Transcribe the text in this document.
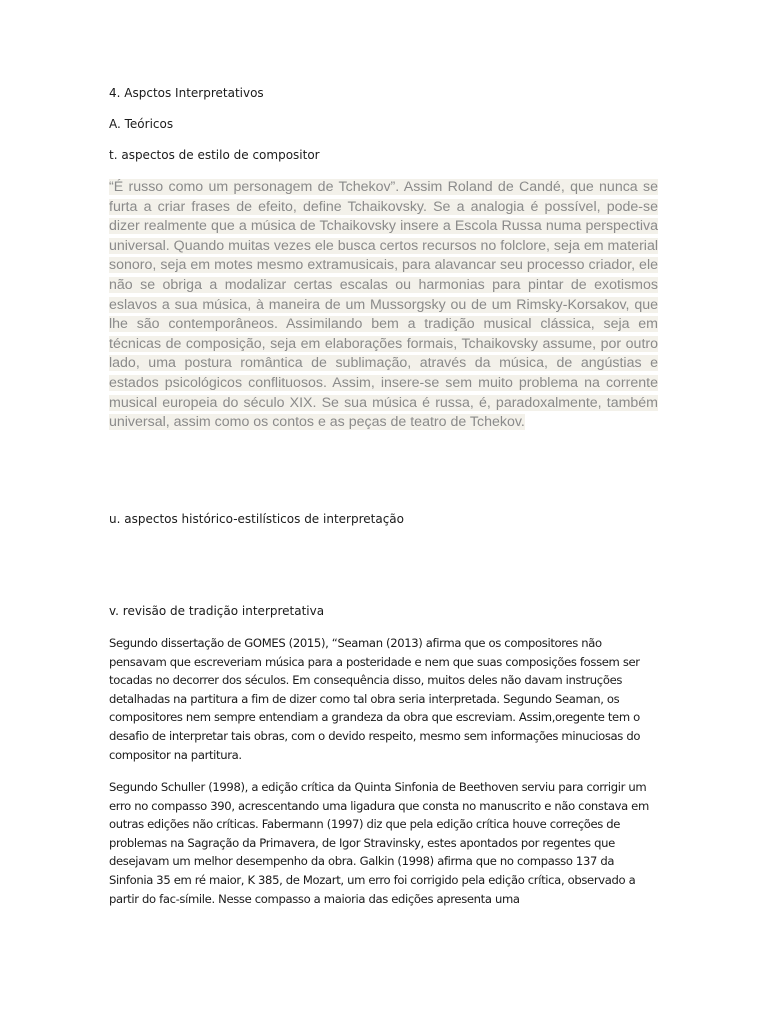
4. Aspctos Interpretativos
A. Teóricos
t. aspectos de estilo de compositor
“É russo como um personagem de Tchekov”. Assim Roland de Candé, que nunca se furta a criar frases de efeito, define Tchaikovsky. Se a analogia é possível, pode-se dizer realmente que a música de Tchaikovsky insere a Escola Russa numa perspectiva universal. Quando muitas vezes ele busca certos recursos no folclore, seja em material sonoro, seja em motes mesmo extramusicais, para alavancar seu processo criador, ele não se obriga a modalizar certas escalas ou harmonias para pintar de exotismos eslavos a sua música, à maneira de um Mussorgsky ou de um Rimsky-Korsakov, que lhe são contemporâneos. Assimilando bem a tradição musical clássica, seja em técnicas de composição, seja em elaborações formais, Tchaikovsky assume, por outro lado, uma postura romântica de sublimação, através da música, de angústias e estados psicológicos conflituosos. Assim, insere-se sem muito problema na corrente musical europeia do século XIX. Se sua música é russa, é, paradoxalmente, também universal, assim como os contos e as peças de teatro de Tchekov.
u. aspectos histórico-estilísticos de interpretação
v. revisão de tradição interpretativa

Segundo dissertação de GOMES (2015), “Seaman (2013) afirma que os compositores não pensavam que escreveriam música para a posteridade e nem que suas composições fossem ser tocadas no decorrer dos séculos. Em consequência disso, muitos deles não davam instruções detalhadas na partitura a fim de dizer como tal obra seria interpretada. Segundo Seaman, os compositores nem sempre entendiam a grandeza da obra que escreviam. Assim,oregente tem o desafio de interpretar tais obras, com o devido respeito, mesmo sem informações minuciosas do compositor na partitura.

Segundo Schuller (1998), a edição crítica da Quinta Sinfonia de Beethoven serviu para corrigir um erro no compasso 390, acrescentando uma ligadura que consta no manuscrito e não constava em outras edições não críticas. Fabermann (1997) diz que pela edição crítica houve correções de problemas na Sagração da Primavera, de Igor Stravinsky, estes apontados por regentes que desejavam um melhor desempenho da obra. Galkin (1998) afirma que no compasso 137 da Sinfonia 35 em ré maior, K 385, de Mozart, um erro foi corrigido pela edição crítica, observado a partir do fac-símile. Nesse compasso a maioria das edições apresenta uma
